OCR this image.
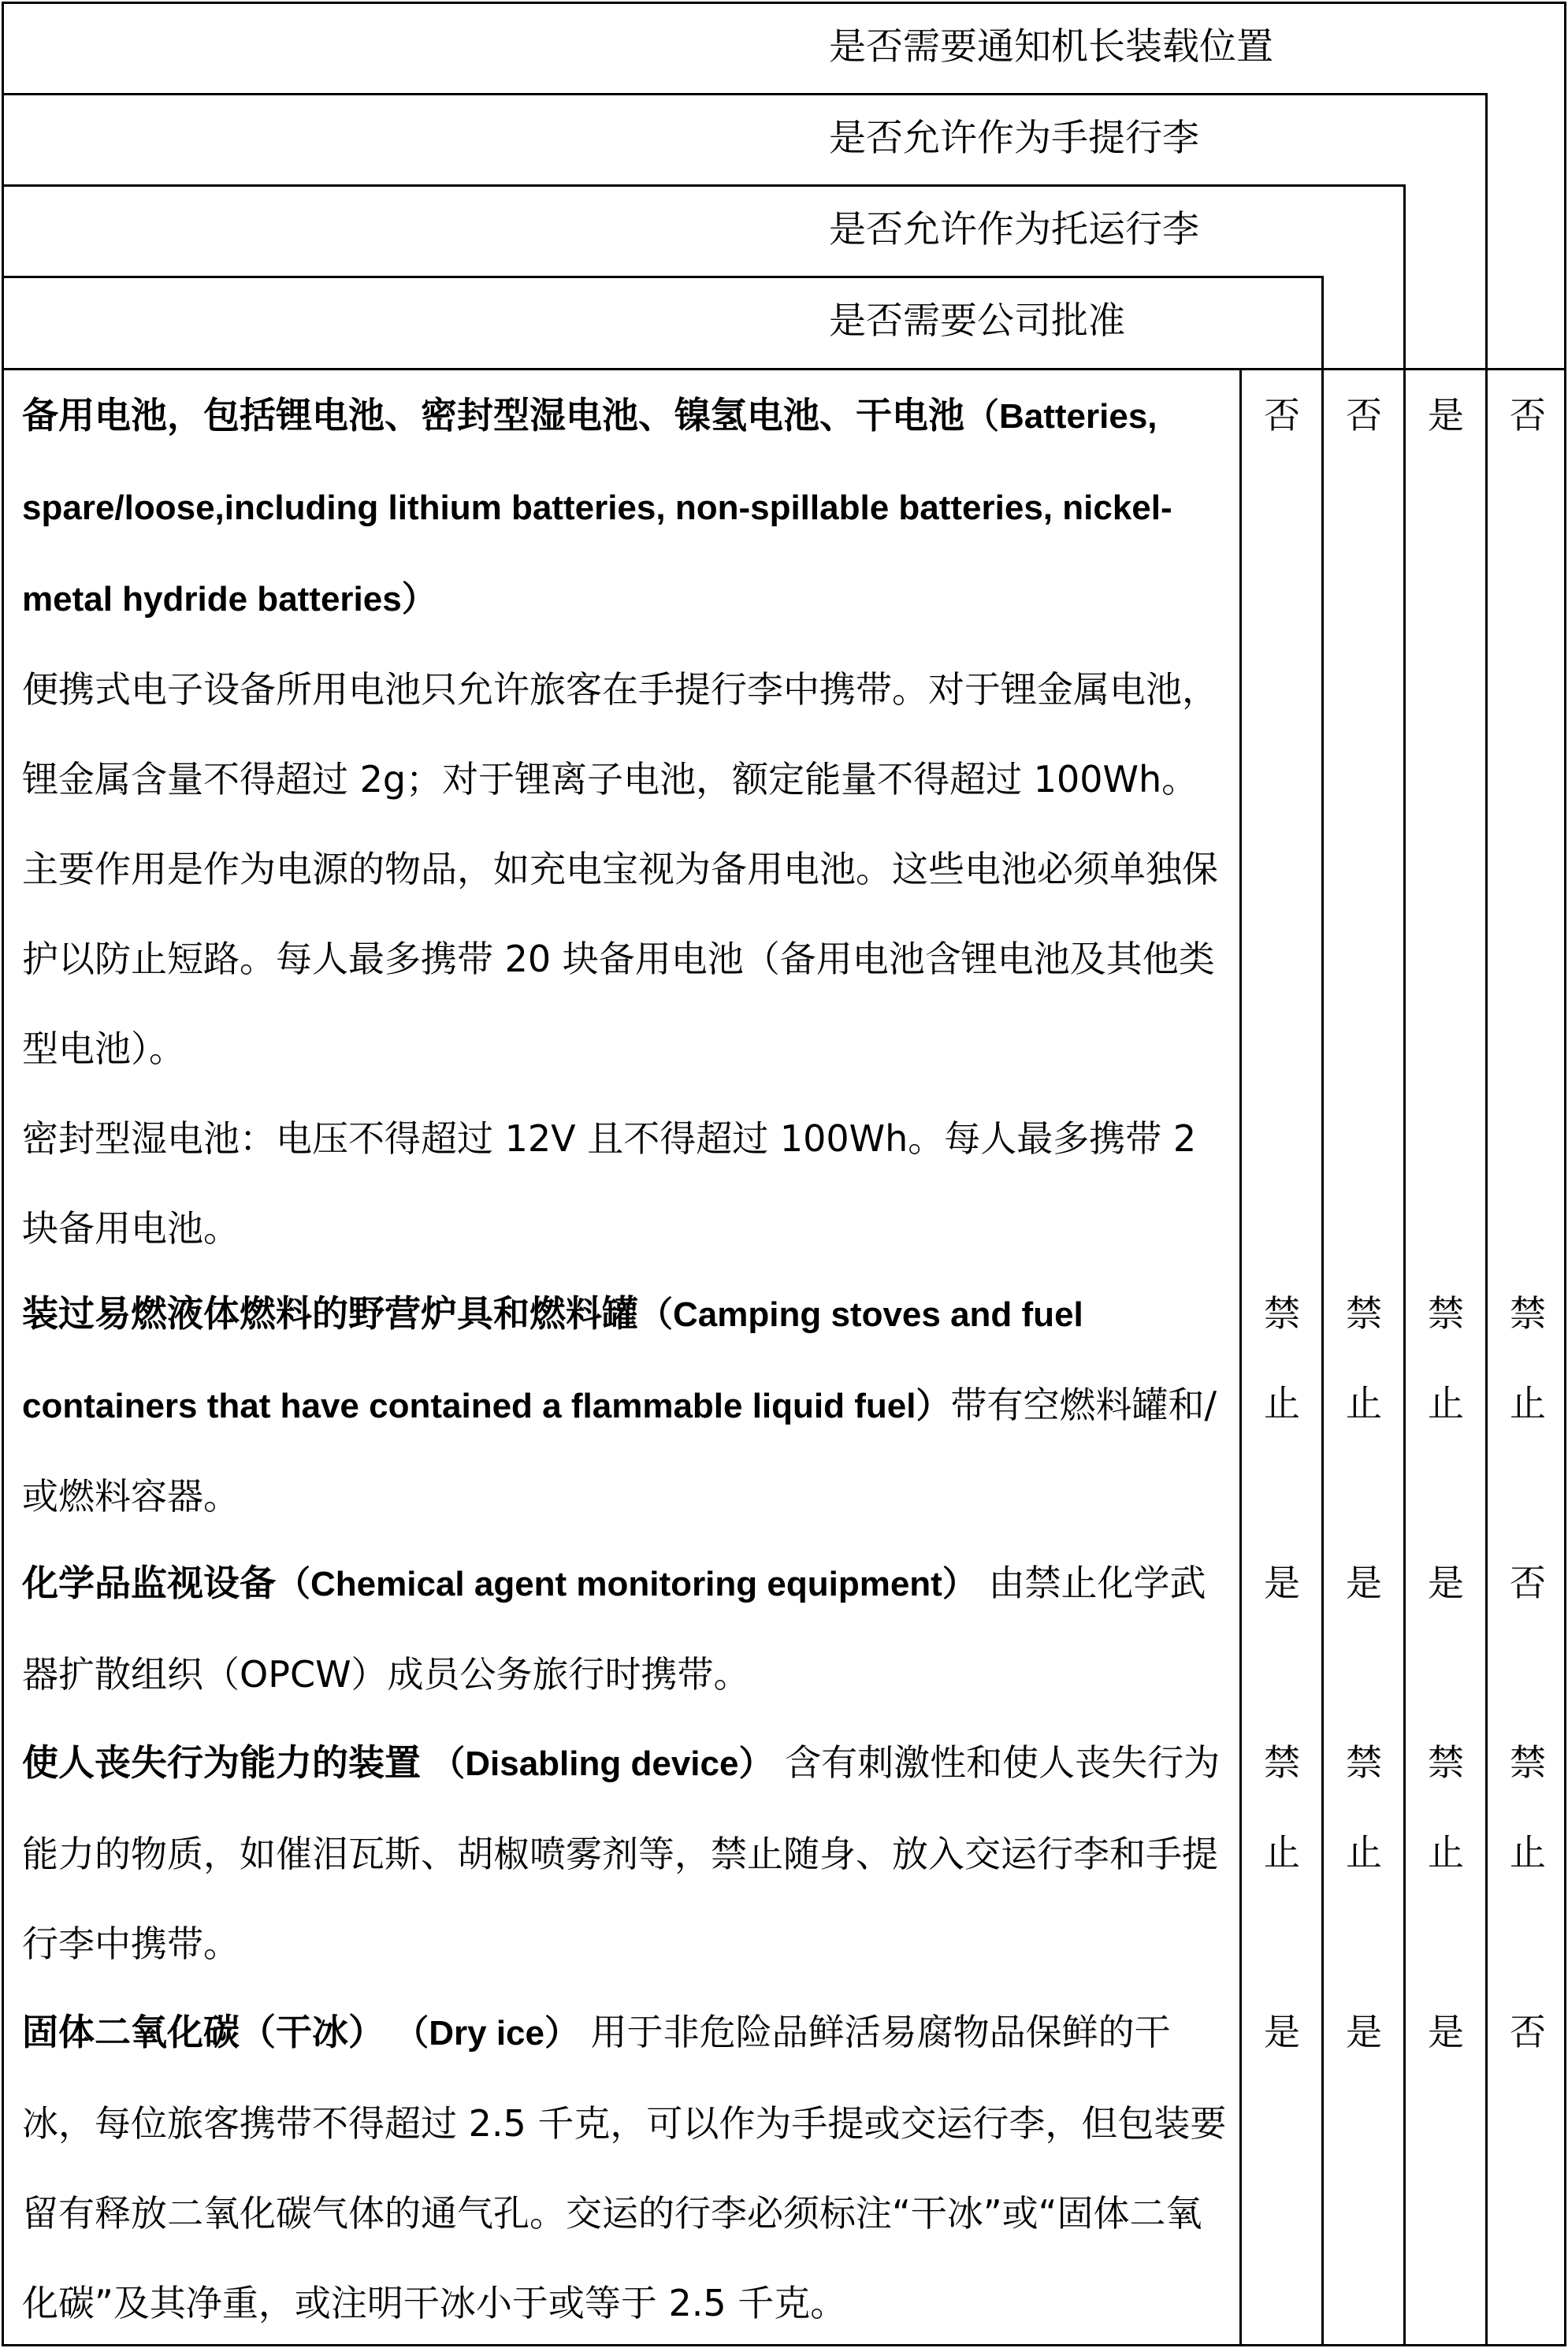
是否需要通知机长装载位置
是否允许作为手提行李
是否允许作为托运行李
是否需要公司批准
备用电池，包括锂电池、密封型湿电池、镍氢电池、干电池（Batteries, spare/loose,including lithium batteries, non-spillable batteries, nickel-metal hydride batteries）
便携式电子设备所用电池只允许旅客在手提行李中携带。对于锂金属电池，锂金属含量不得超过 2g；对于锂离子电池，额定能量不得超过 100Wh。主要作用是作为电源的物品，如充电宝视为备用电池。这些电池必须单独保护以防止短路。每人最多携带 20 块备用电池（备用电池含锂电池及其他类型电池）。
密封型湿电池：电压不得超过 12V 且不得超过 100Wh。每人最多携带 2 块备用电池。
否 否 是 否
装过易燃液体燃料的野营炉具和燃料罐（Camping stoves and fuel containers that have contained a flammable liquid fuel）带有空燃料罐和/或燃料容器。
禁
止
禁
止
禁
止
禁
止
化学品监视设备（Chemical agent monitoring equipment） 由禁止化学武器扩散组织（OPCW）成员公务旅行时携带。
是 是 是 否
使人丧失行为能力的装置 （Disabling device） 含有刺激性和使人丧失行为能力的物质，如催泪瓦斯、胡椒喷雾剂等，禁止随身、放入交运行李和手提行李中携带。
禁
止
禁
止
禁
止
禁
止
固体二氧化碳（干冰） （Dry ice） 用于非危险品鲜活易腐物品保鲜的干冰，每位旅客携带不得超过 2.5 千克，可以作为手提或交运行李，但包装要留有释放二氧化碳气体的通气孔。交运的行李必须标注“干冰”或“固体二氧化碳”及其净重，或注明干冰小于或等于 2.5 千克。
是 是 是 否
